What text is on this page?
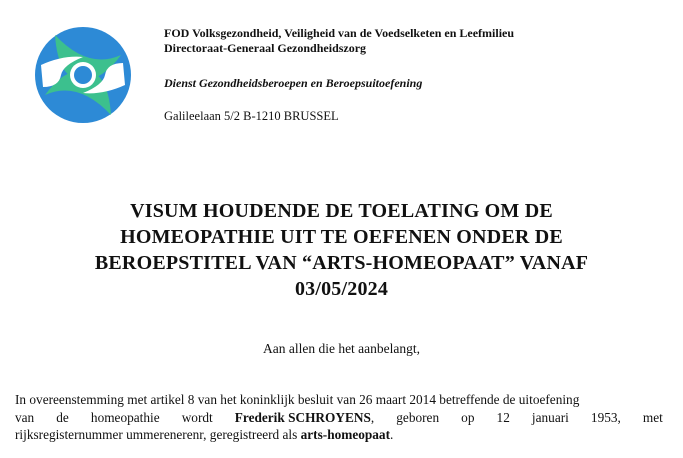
FOD Volksgezondheid, Veiligheid van de Voedselketen en Leefmilieu
Directoraat-Generaal Gezondheidszorg
Dienst Gezondheidsberoepen en Beroepsuitoefening
Galileelaan 5/2 B-1210 BRUSSEL
VISUM HOUDENDE DE TOELATING OM DE
HOMEOPATHIE UIT TE OEFENEN ONDER DE
BEROEPSTITEL VAN “ARTS-HOMEOPAAT” VANAF
03/05/2024
Aan allen die het aanbelangt,
In overeenstemming met artikel 8 van het koninklijk besluit van 26 maart 2014 betreffende de uitoefening
van de homeopathie wordt Frederik SCHROYENS, geboren op 12 januari 1953, met
rijksregisternummer ummerenerenr, geregistreerd als arts-homeopaat.
